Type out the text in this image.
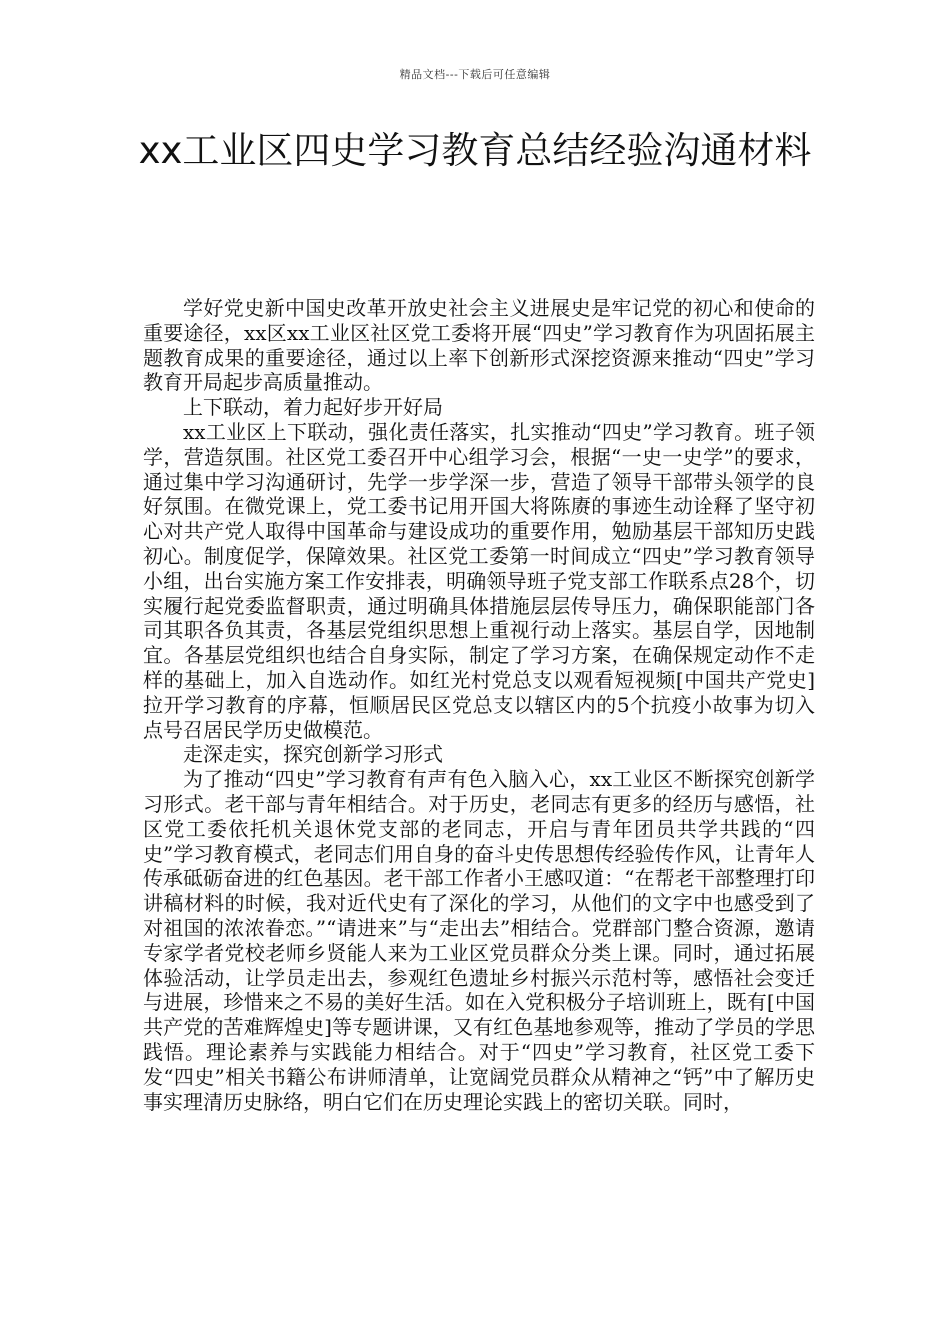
精品文档---下载后可任意编辑
xx工业区四史学习教育总结经验沟通材料

学好党史新中国史改革开放史社会主义进展史是牢记党的初心和使命的重要途径，xx区xx工业区社区党工委将开展“四史”学习教育作为巩固拓展主题教育成果的重要途径，通过以上率下创新形式深挖资源来推动“四史”学习教育开局起步高质量推动。

上下联动，着力起好步开好局

xx工业区上下联动，强化责任落实，扎实推动“四史”学习教育。班子领学，营造氛围。社区党工委召开中心组学习会，根据“一史一史学”的要求，通过集中学习沟通研讨，先学一步学深一步，营造了领导干部带头领学的良好氛围。在微党课上，党工委书记用开国大将陈赓的事迹生动诠释了坚守初心对共产党人取得中国革命与建设成功的重要作用，勉励基层干部知历史践初心。制度促学，保障效果。社区党工委第一时间成立“四史”学习教育领导小组，出台实施方案工作安排表，明确领导班子党支部工作联系点28个，切实履行起党委监督职责，通过明确具体措施层层传导压力，确保职能部门各司其职各负其责，各基层党组织思想上重视行动上落实。基层自学，因地制宜。各基层党组织也结合自身实际，制定了学习方案，在确保规定动作不走样的基础上，加入自选动作。如红光村党总支以观看短视频[中国共产党史]拉开学习教育的序幕，恒顺居民区党总支以辖区内的5个抗疫小故事为切入点号召居民学历史做模范。

走深走实，探究创新学习形式

为了推动“四史”学习教育有声有色入脑入心，xx工业区不断探究创新学习形式。老干部与青年相结合。对于历史，老同志有更多的经历与感悟，社区党工委依托机关退休党支部的老同志，开启与青年团员共学共践的“四史”学习教育模式，老同志们用自身的奋斗史传思想传经验传作风，让青年人传承砥砺奋进的红色基因。老干部工作者小王感叹道：“在帮老干部整理打印讲稿材料的时候，我对近代史有了深化的学习，从他们的文字中也感受到了对祖国的浓浓眷恋。”“请进来”与“走出去”相结合。党群部门整合资源，邀请专家学者党校老师乡贤能人来为工业区党员群众分类上课。同时，通过拓展体验活动，让学员走出去，参观红色遗址乡村振兴示范村等，感悟社会变迁与进展，珍惜来之不易的美好生活。如在入党积极分子培训班上，既有[中国共产党的苦难辉煌史]等专题讲课，又有红色基地参观等，推动了学员的学思践悟。理论素养与实践能力相结合。对于“四史”学习教育，社区党工委下发“四史”相关书籍公布讲师清单，让宽阔党员群众从精神之“钙”中了解历史事实理清历史脉络，明白它们在历史理论实践上的密切关联。同时，
